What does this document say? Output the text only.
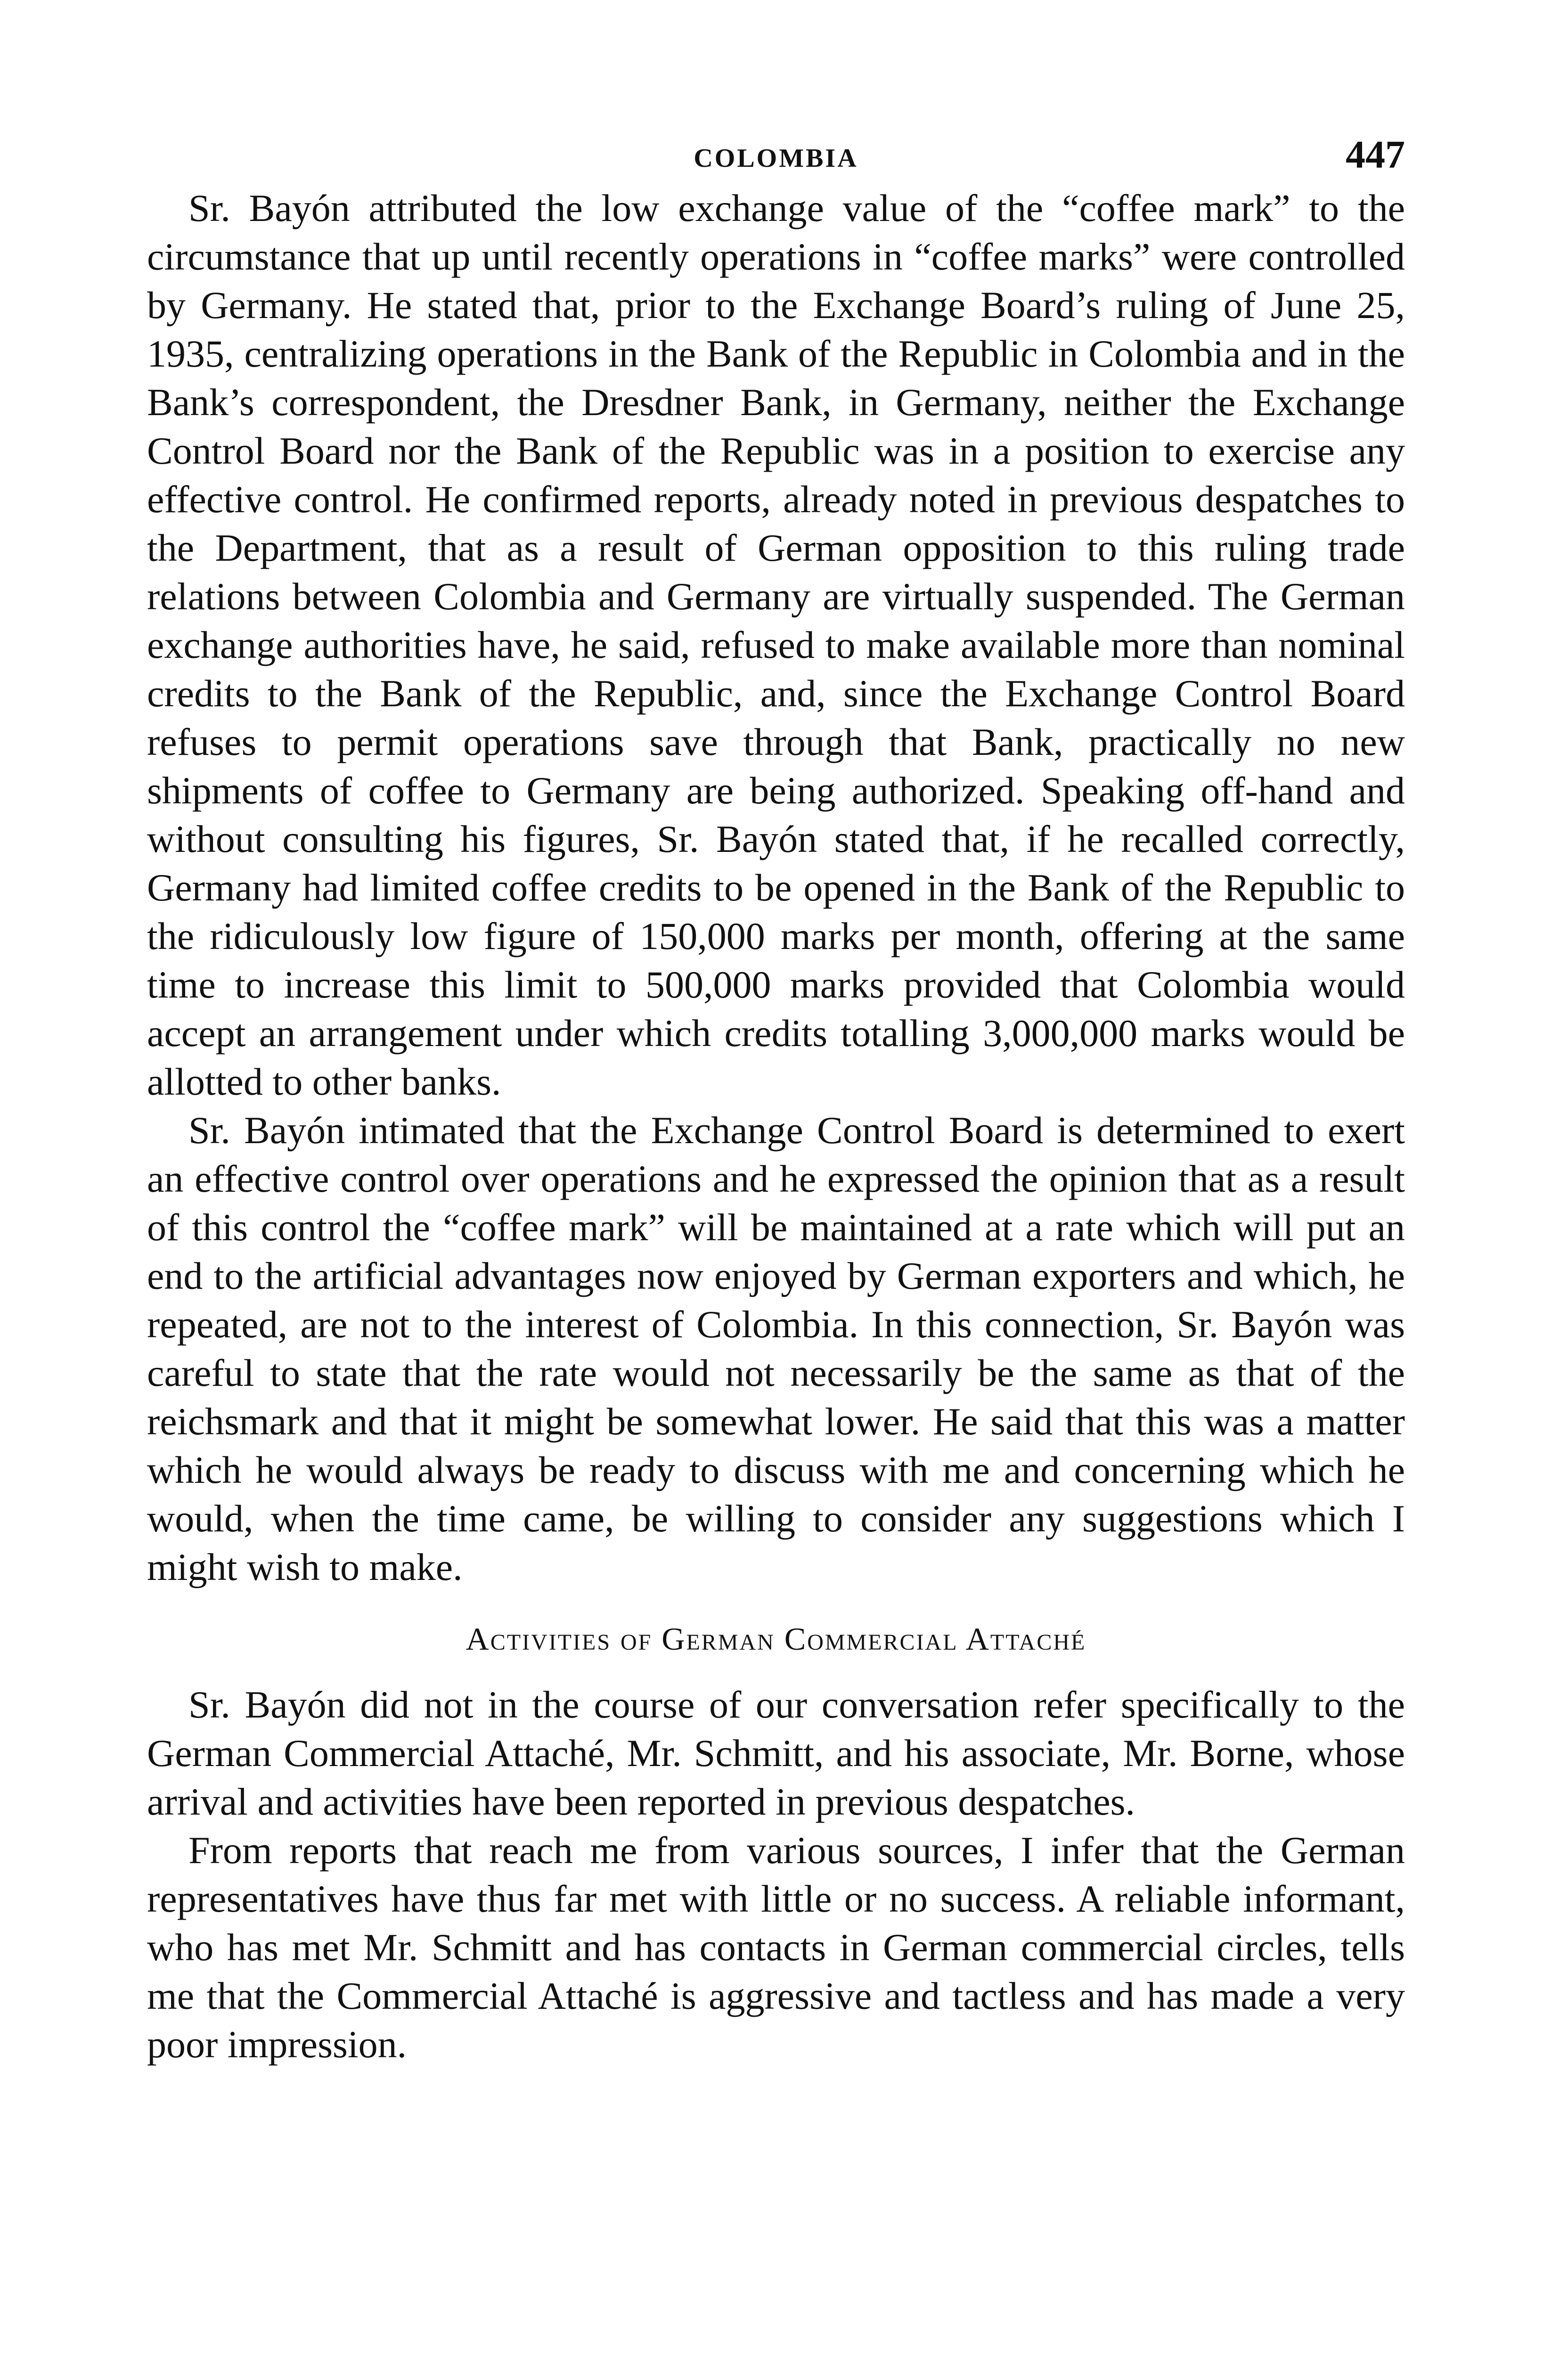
COLOMBIA	447

Sr. Bayón attributed the low exchange value of the “coffee mark” to the circumstance that up until recently operations in “coffee marks” were controlled by Germany. He stated that, prior to the Exchange Board’s ruling of June 25, 1935, centralizing operations in the Bank of the Republic in Colombia and in the Bank’s correspondent, the Dresdner Bank, in Germany, neither the Exchange Control Board nor the Bank of the Republic was in a position to exercise any effective control. He confirmed reports, already noted in previous despatches to the Department, that as a result of German opposition to this ruling trade relations between Colombia and Germany are virtually suspended. The German exchange authorities have, he said, refused to make available more than nominal credits to the Bank of the Republic, and, since the Exchange Control Board refuses to permit operations save through that Bank, practically no new shipments of coffee to Germany are being authorized. Speaking off-hand and without consulting his figures, Sr. Bayón stated that, if he recalled correctly, Germany had limited coffee credits to be opened in the Bank of the Republic to the ridiculously low figure of 150,000 marks per month, offering at the same time to increase this limit to 500,000 marks provided that Colombia would accept an arrangement under which credits totalling 3,000,000 marks would be allotted to other banks.

Sr. Bayón intimated that the Exchange Control Board is determined to exert an effective control over operations and he expressed the opinion that as a result of this control the “coffee mark” will be maintained at a rate which will put an end to the artificial advantages now enjoyed by German exporters and which, he repeated, are not to the interest of Colombia. In this connection, Sr. Bayón was careful to state that the rate would not necessarily be the same as that of the reichsmark and that it might be somewhat lower. He said that this was a matter which he would always be ready to discuss with me and concerning which he would, when the time came, be willing to consider any suggestions which I might wish to make.

Activities of German Commercial Attaché

Sr. Bayón did not in the course of our conversation refer specifically to the German Commercial Attaché, Mr. Schmitt, and his associate, Mr. Borne, whose arrival and activities have been reported in previous despatches.

From reports that reach me from various sources, I infer that the German representatives have thus far met with little or no success. A reliable informant, who has met Mr. Schmitt and has contacts in German commercial circles, tells me that the Commercial Attaché is aggressive and tactless and has made a very poor impression.
